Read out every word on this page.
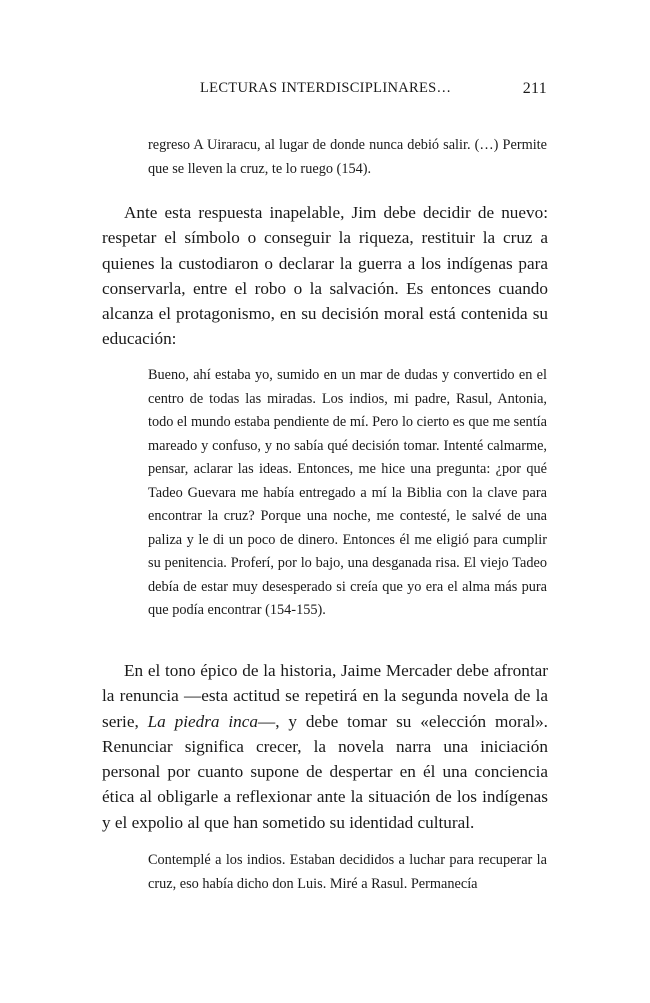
LECTURAS INTERDISCIPLINARES…	211
regreso A Uiraracu, al lugar de donde nunca debió salir. (…) Permite que se lleven la cruz, te lo ruego (154).
Ante esta respuesta inapelable, Jim debe decidir de nuevo: respetar el símbolo o conseguir la riqueza, restituir la cruz a quienes la custodiaron o declarar la guerra a los indígenas para conservarla, entre el robo o la salvación. Es entonces cuando alcanza el protagonismo, en su decisión moral está contenida su educación:
Bueno, ahí estaba yo, sumido en un mar de dudas y convertido en el centro de todas las miradas. Los indios, mi padre, Rasul, Antonia, todo el mundo estaba pendiente de mí. Pero lo cierto es que me sentía mareado y confuso, y no sabía qué decisión tomar. Intenté calmarme, pensar, aclarar las ideas. Entonces, me hice una pregunta: ¿por qué Tadeo Guevara me había entregado a mí la Biblia con la clave para encontrar la cruz? Porque una noche, me contesté, le salvé de una paliza y le di un poco de dinero. Entonces él me eligió para cumplir su penitencia. Proferí, por lo bajo, una desganada risa. El viejo Tadeo debía de estar muy desesperado si creía que yo era el alma más pura que podía encontrar (154-155).
En el tono épico de la historia, Jaime Mercader debe afrontar la renuncia —esta actitud se repetirá en la segunda novela de la serie, La piedra inca—, y debe tomar su «elección moral». Renunciar significa crecer, la novela narra una iniciación personal por cuanto supone de despertar en él una conciencia ética al obligarle a reflexionar ante la situación de los indígenas y el expolio al que han sometido su identidad cultural.
Contemplé a los indios. Estaban decididos a luchar para recuperar la cruz, eso había dicho don Luis. Miré a Rasul. Permanecía
